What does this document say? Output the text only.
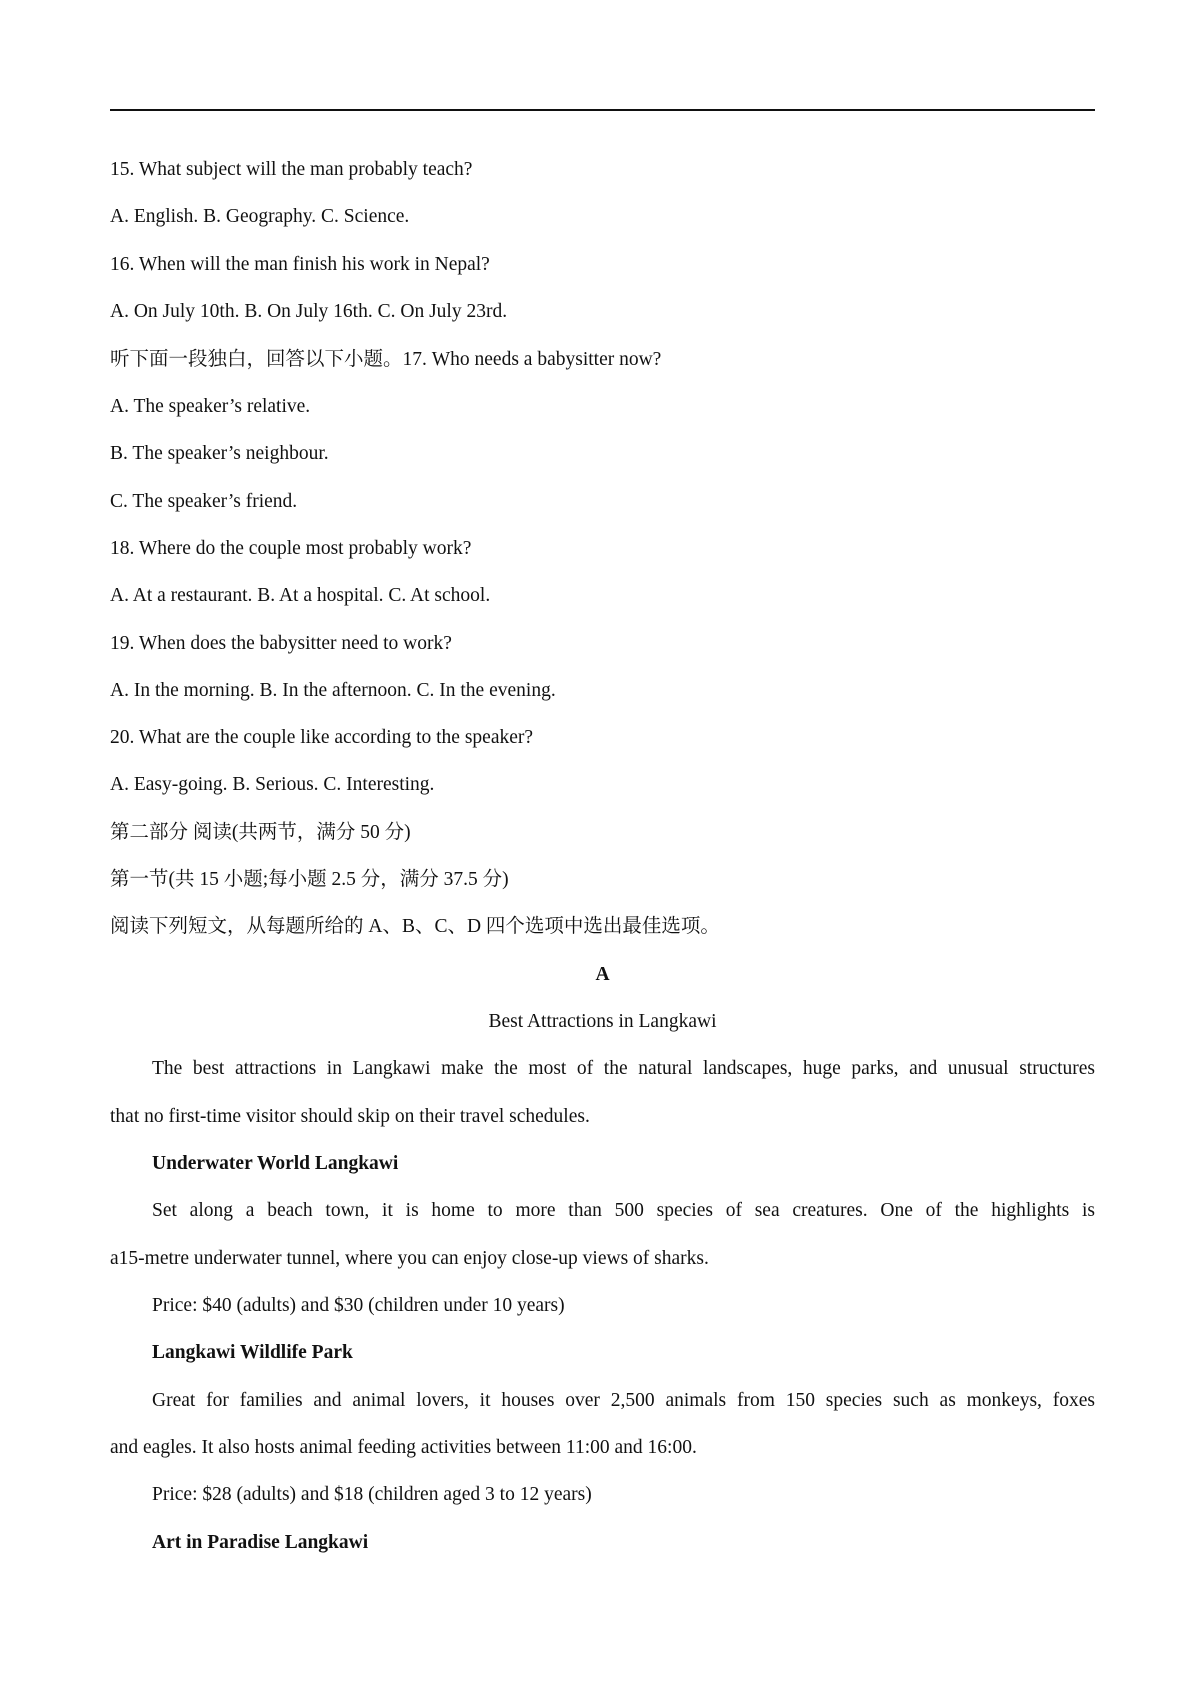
15. What subject will the man probably teach?
A. English. B. Geography. C. Science.
16. When will the man finish his work in Nepal?
A. On July 10th. B. On July 16th. C. On July 23rd.
听下面一段独白，回答以下小题。17. Who needs a babysitter now?
A. The speaker’s relative.
B. The speaker’s neighbour.
C. The speaker’s friend.
18. Where do the couple most probably work?
A. At a restaurant. B. At a hospital. C. At school.
19. When does the babysitter need to work?
A. In the morning. B. In the afternoon. C. In the evening.
20. What are the couple like according to the speaker?
A. Easy-going. B. Serious. C. Interesting.
第二部分 阅读(共两节，满分 50 分)
第一节(共 15 小题;每小题 2.5 分，满分 37.5 分)
阅读下列短文，从每题所给的 A、B、C、D 四个选项中选出最佳选项。
A
Best Attractions in Langkawi
The best attractions in Langkawi make the most of the natural landscapes, huge parks, and unusual structures
that no first-time visitor should skip on their travel schedules.
Underwater World Langkawi
Set along a beach town, it is home to more than 500 species of sea creatures. One of the highlights is
a15-metre underwater tunnel, where you can enjoy close-up views of sharks.
Price: $40 (adults) and $30 (children under 10 years)
Langkawi Wildlife Park
Great for families and animal lovers, it houses over 2,500 animals from 150 species such as monkeys, foxes
and eagles. It also hosts animal feeding activities between 11:00 and 16:00.
Price: $28 (adults) and $18 (children aged 3 to 12 years)
Art in Paradise Langkawi
